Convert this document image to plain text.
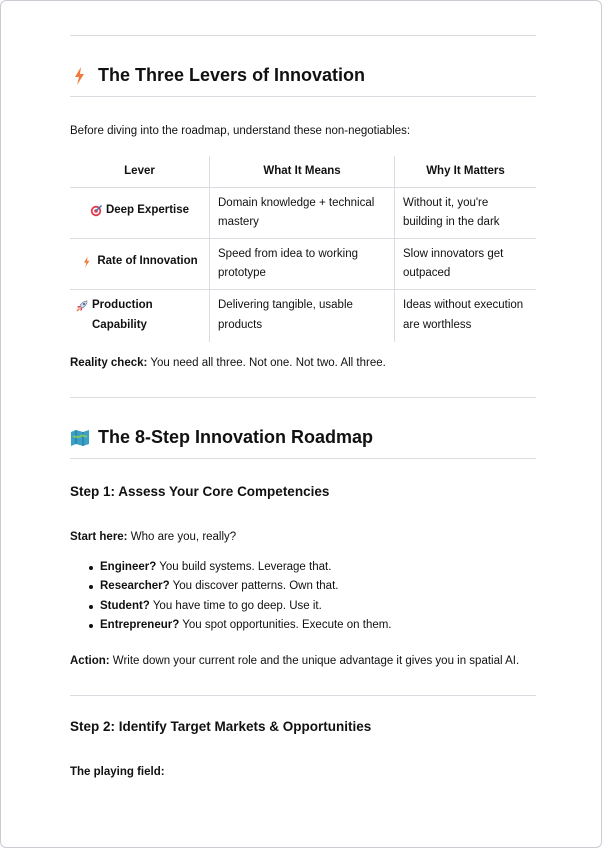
The Three Levers of Innovation
Before diving into the roadmap, understand these non-negotiables:
Lever	What It Means	Why It Matters

Deep Expertise	Domain knowledge + technical mastery	Without it, you're building in the dark

Rate of Innovation	Speed from idea to working prototype	Slow innovators get outpaced

Production Capability	Delivering tangible, usable products	Ideas without execution are worthless
Reality check: You need all three. Not one. Not two. All three.
The 8-Step Innovation Roadmap
Step 1: Assess Your Core Competencies
Start here: Who are you, really?
Engineer? You build systems. Leverage that.
Researcher? You discover patterns. Own that.
Student? You have time to go deep. Use it.
Entrepreneur? You spot opportunities. Execute on them.
Action: Write down your current role and the unique advantage it gives you in spatial AI.
Step 2: Identify Target Markets & Opportunities
The playing field:
